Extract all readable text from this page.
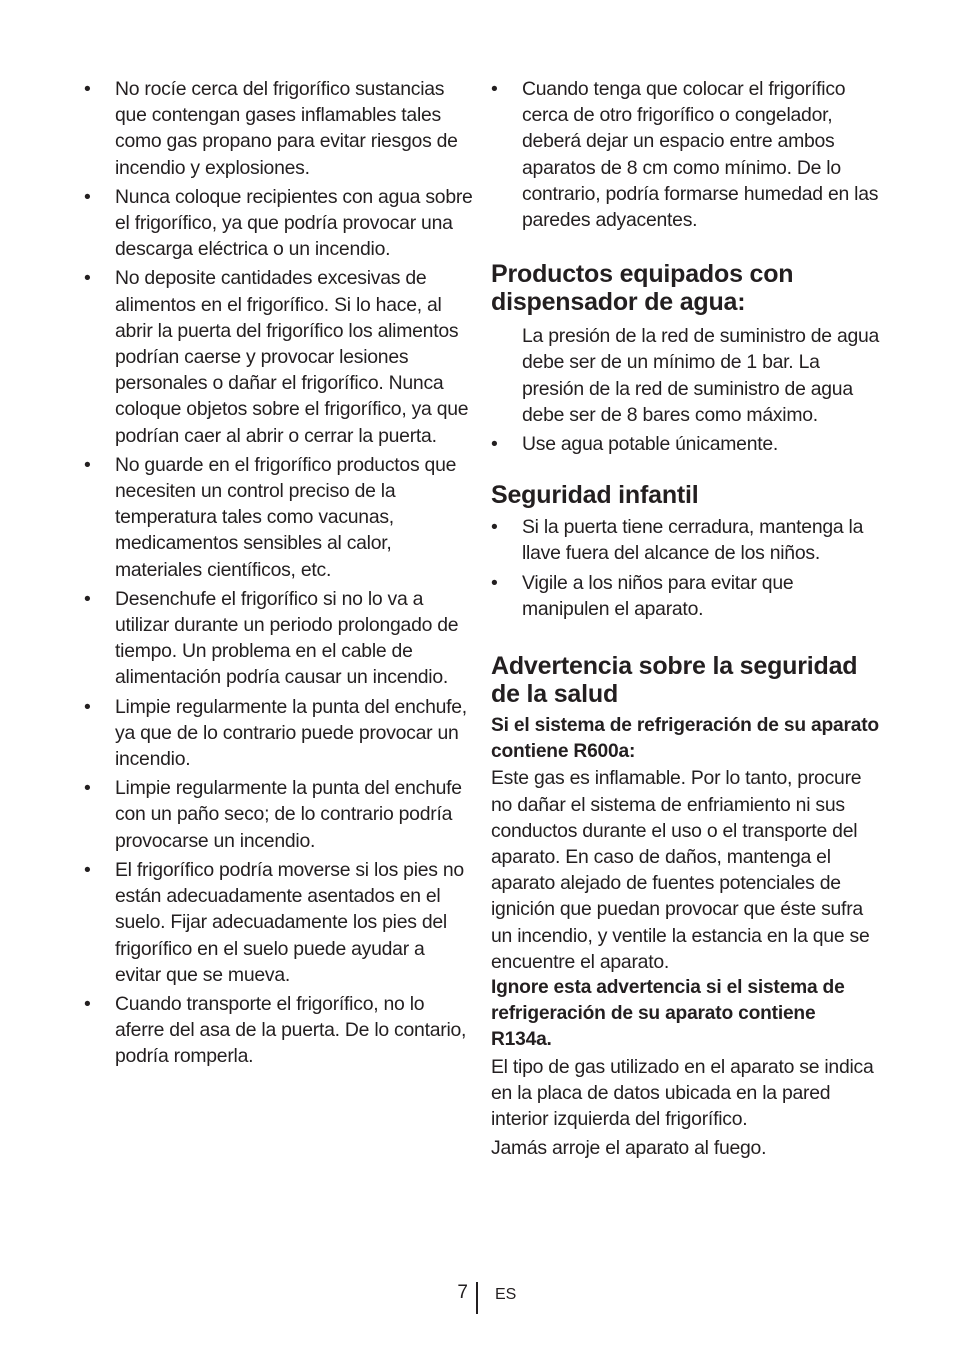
• No rocíe cerca del frigorífico sustancias que contengan gases inflamables tales como gas propano para evitar riesgos de incendio y explosiones.
• Nunca coloque recipientes con agua sobre el frigorífico, ya que podría provocar una descarga eléctrica o un incendio.
• No deposite cantidades excesivas de alimentos en el frigorífico. Si lo hace, al abrir la puerta del frigorífico los alimentos podrían caerse y provocar lesiones personales o dañar el frigorífico. Nunca coloque objetos sobre el frigorífico, ya que podrían caer al abrir o cerrar la puerta.
• No guarde en el frigorífico productos que necesiten un control preciso de la temperatura tales como vacunas, medicamentos sensibles al calor, materiales científicos, etc.
• Desenchufe el frigorífico si no lo va a utilizar durante un periodo prolongado de tiempo. Un problema en el cable de alimentación podría causar un incendio.
• Limpie regularmente la punta del enchufe, ya que de lo contrario puede provocar un incendio.
• Limpie regularmente la punta del enchufe con un paño seco; de lo contrario podría provocarse un incendio.
• El frigorífico podría moverse si los pies no están adecuadamente asentados en el suelo. Fijar adecuadamente los pies del frigorífico en el suelo puede ayudar a evitar que se mueva.
• Cuando transporte el frigorífico, no lo aferre del asa de la puerta. De lo contario, podría romperla.
• Cuando tenga que colocar el frigorífico cerca de otro frigorífico o congelador, deberá dejar un espacio entre ambos aparatos de 8 cm como mínimo. De lo contrario, podría formarse humedad en las paredes adyacentes.
Productos equipados con dispensador de agua:

La presión de la red de suministro de agua debe ser de un mínimo de 1 bar. La presión de la red de suministro de agua debe ser de 8 bares como máximo.

• Use agua potable únicamente.
Seguridad infantil
• Si la puerta tiene cerradura, mantenga la llave fuera del alcance de los niños.
• Vigile a los niños para evitar que manipulen el aparato.
Advertencia sobre la seguridad de la salud

Si el sistema de refrigeración de su aparato contiene R600a:

Este gas es inflamable. Por lo tanto, procure no dañar el sistema de enfriamiento ni sus conductos durante el uso o el transporte del aparato. En caso de daños, mantenga el aparato alejado de fuentes potenciales de ignición que puedan provocar que éste sufra un incendio, y ventile la estancia en la que se encuentre el aparato.

Ignore esta advertencia si el sistema de refrigeración de su aparato contiene R134a.

El tipo de gas utilizado en el aparato se indica en la placa de datos ubicada en la pared interior izquierda del frigorífico.

Jamás arroje el aparato al fuego.

7 ES
